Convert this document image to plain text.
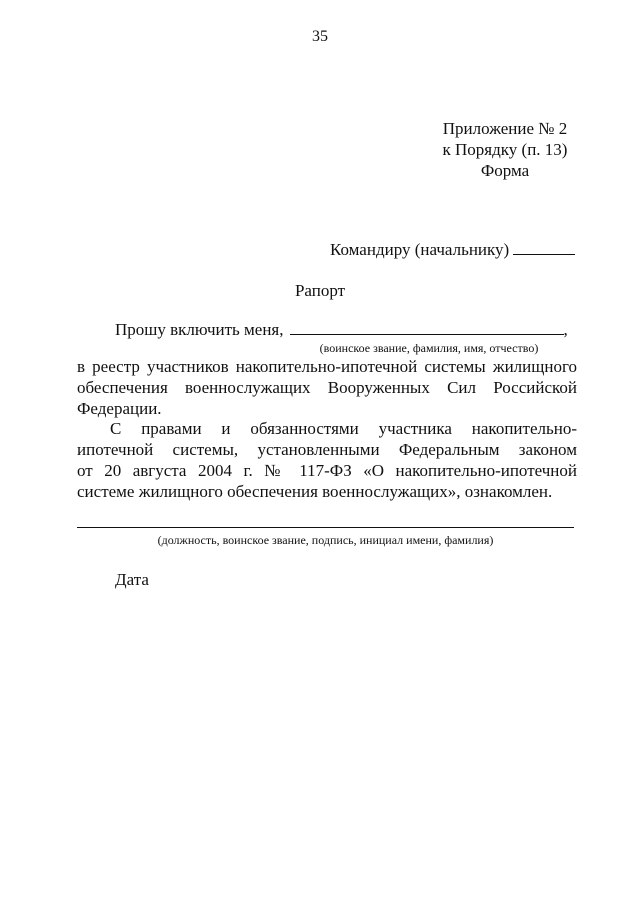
35
Приложение № 2
к Порядку (п. 13)
Форма
Командиру (начальнику)
Рапорт
Прошу включить меня,	,
(воинское звание, фамилия, имя, отчество)
в реестр участников накопительно-ипотечной системы жилищного
обеспечения военнослужащих Вооруженных Сил Российской
Федерации.
С правами и обязанностями участника накопительно-
ипотечной системы, установленными Федеральным законом
от 20 августа 2004 г. № 117-ФЗ «О накопительно-ипотечной
системе жилищного обеспечения военнослужащих», ознакомлен.
(должность, воинское звание, подпись, инициал имени, фамилия)
Дата
